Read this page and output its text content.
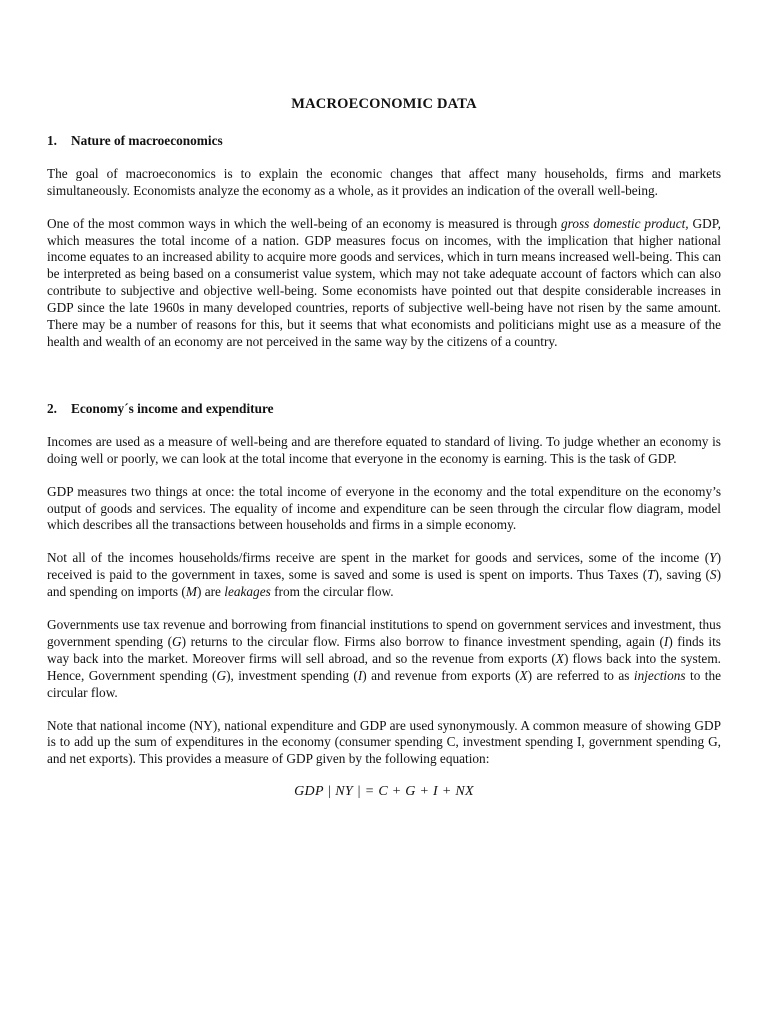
MACROECONOMIC DATA
1. Nature of macroeconomics

The goal of macroeconomics is to explain the economic changes that affect many households, firms and markets simultaneously. Economists analyze the economy as a whole, as it provides an indication of the overall well-being.

One of the most common ways in which the well-being of an economy is measured is through gross domestic product, GDP, which measures the total income of a nation. GDP measures focus on incomes, with the implication that higher national income equates to an increased ability to acquire more goods and services, which in turn means increased well-being. This can be interpreted as being based on a consumerist value system, which may not take adequate account of factors which can also contribute to subjective and objective well-being. Some economists have pointed out that despite considerable increases in GDP since the late 1960s in many developed countries, reports of subjective well-being have not risen by the same amount. There may be a number of reasons for this, but it seems that what economists and politicians might use as a measure of the health and wealth of an economy are not perceived in the same way by the citizens of a country.

2. Economy´s income and expenditure

Incomes are used as a measure of well-being and are therefore equated to standard of living. To judge whether an economy is doing well or poorly, we can look at the total income that everyone in the economy is earning. This is the task of GDP.

GDP measures two things at once: the total income of everyone in the economy and the total expenditure on the economy’s output of goods and services. The equality of income and expenditure can be seen through the circular flow diagram, model which describes all the transactions between households and firms in a simple economy.

Not all of the incomes households/firms receive are spent in the market for goods and services, some of the income (Y) received is paid to the government in taxes, some is saved and some is used is spent on imports. Thus Taxes (T), saving (S) and spending on imports (M) are leakages from the circular flow.

Governments use tax revenue and borrowing from financial institutions to spend on government services and investment, thus government spending (G) returns to the circular flow. Firms also borrow to finance investment spending, again (I) finds its way back into the market. Moreover firms will sell abroad, and so the revenue from exports (X) flows back into the system. Hence, Government spending (G), investment spending (I) and revenue from exports (X) are referred to as injections to the circular flow.

Note that national income (NY), national expenditure and GDP are used synonymously. A common measure of showing GDP is to add up the sum of expenditures in the economy (consumer spending C, investment spending I, government spending G, and net exports). This provides a measure of GDP given by the following equation:

GDP | NY | = C + G + I + NX
